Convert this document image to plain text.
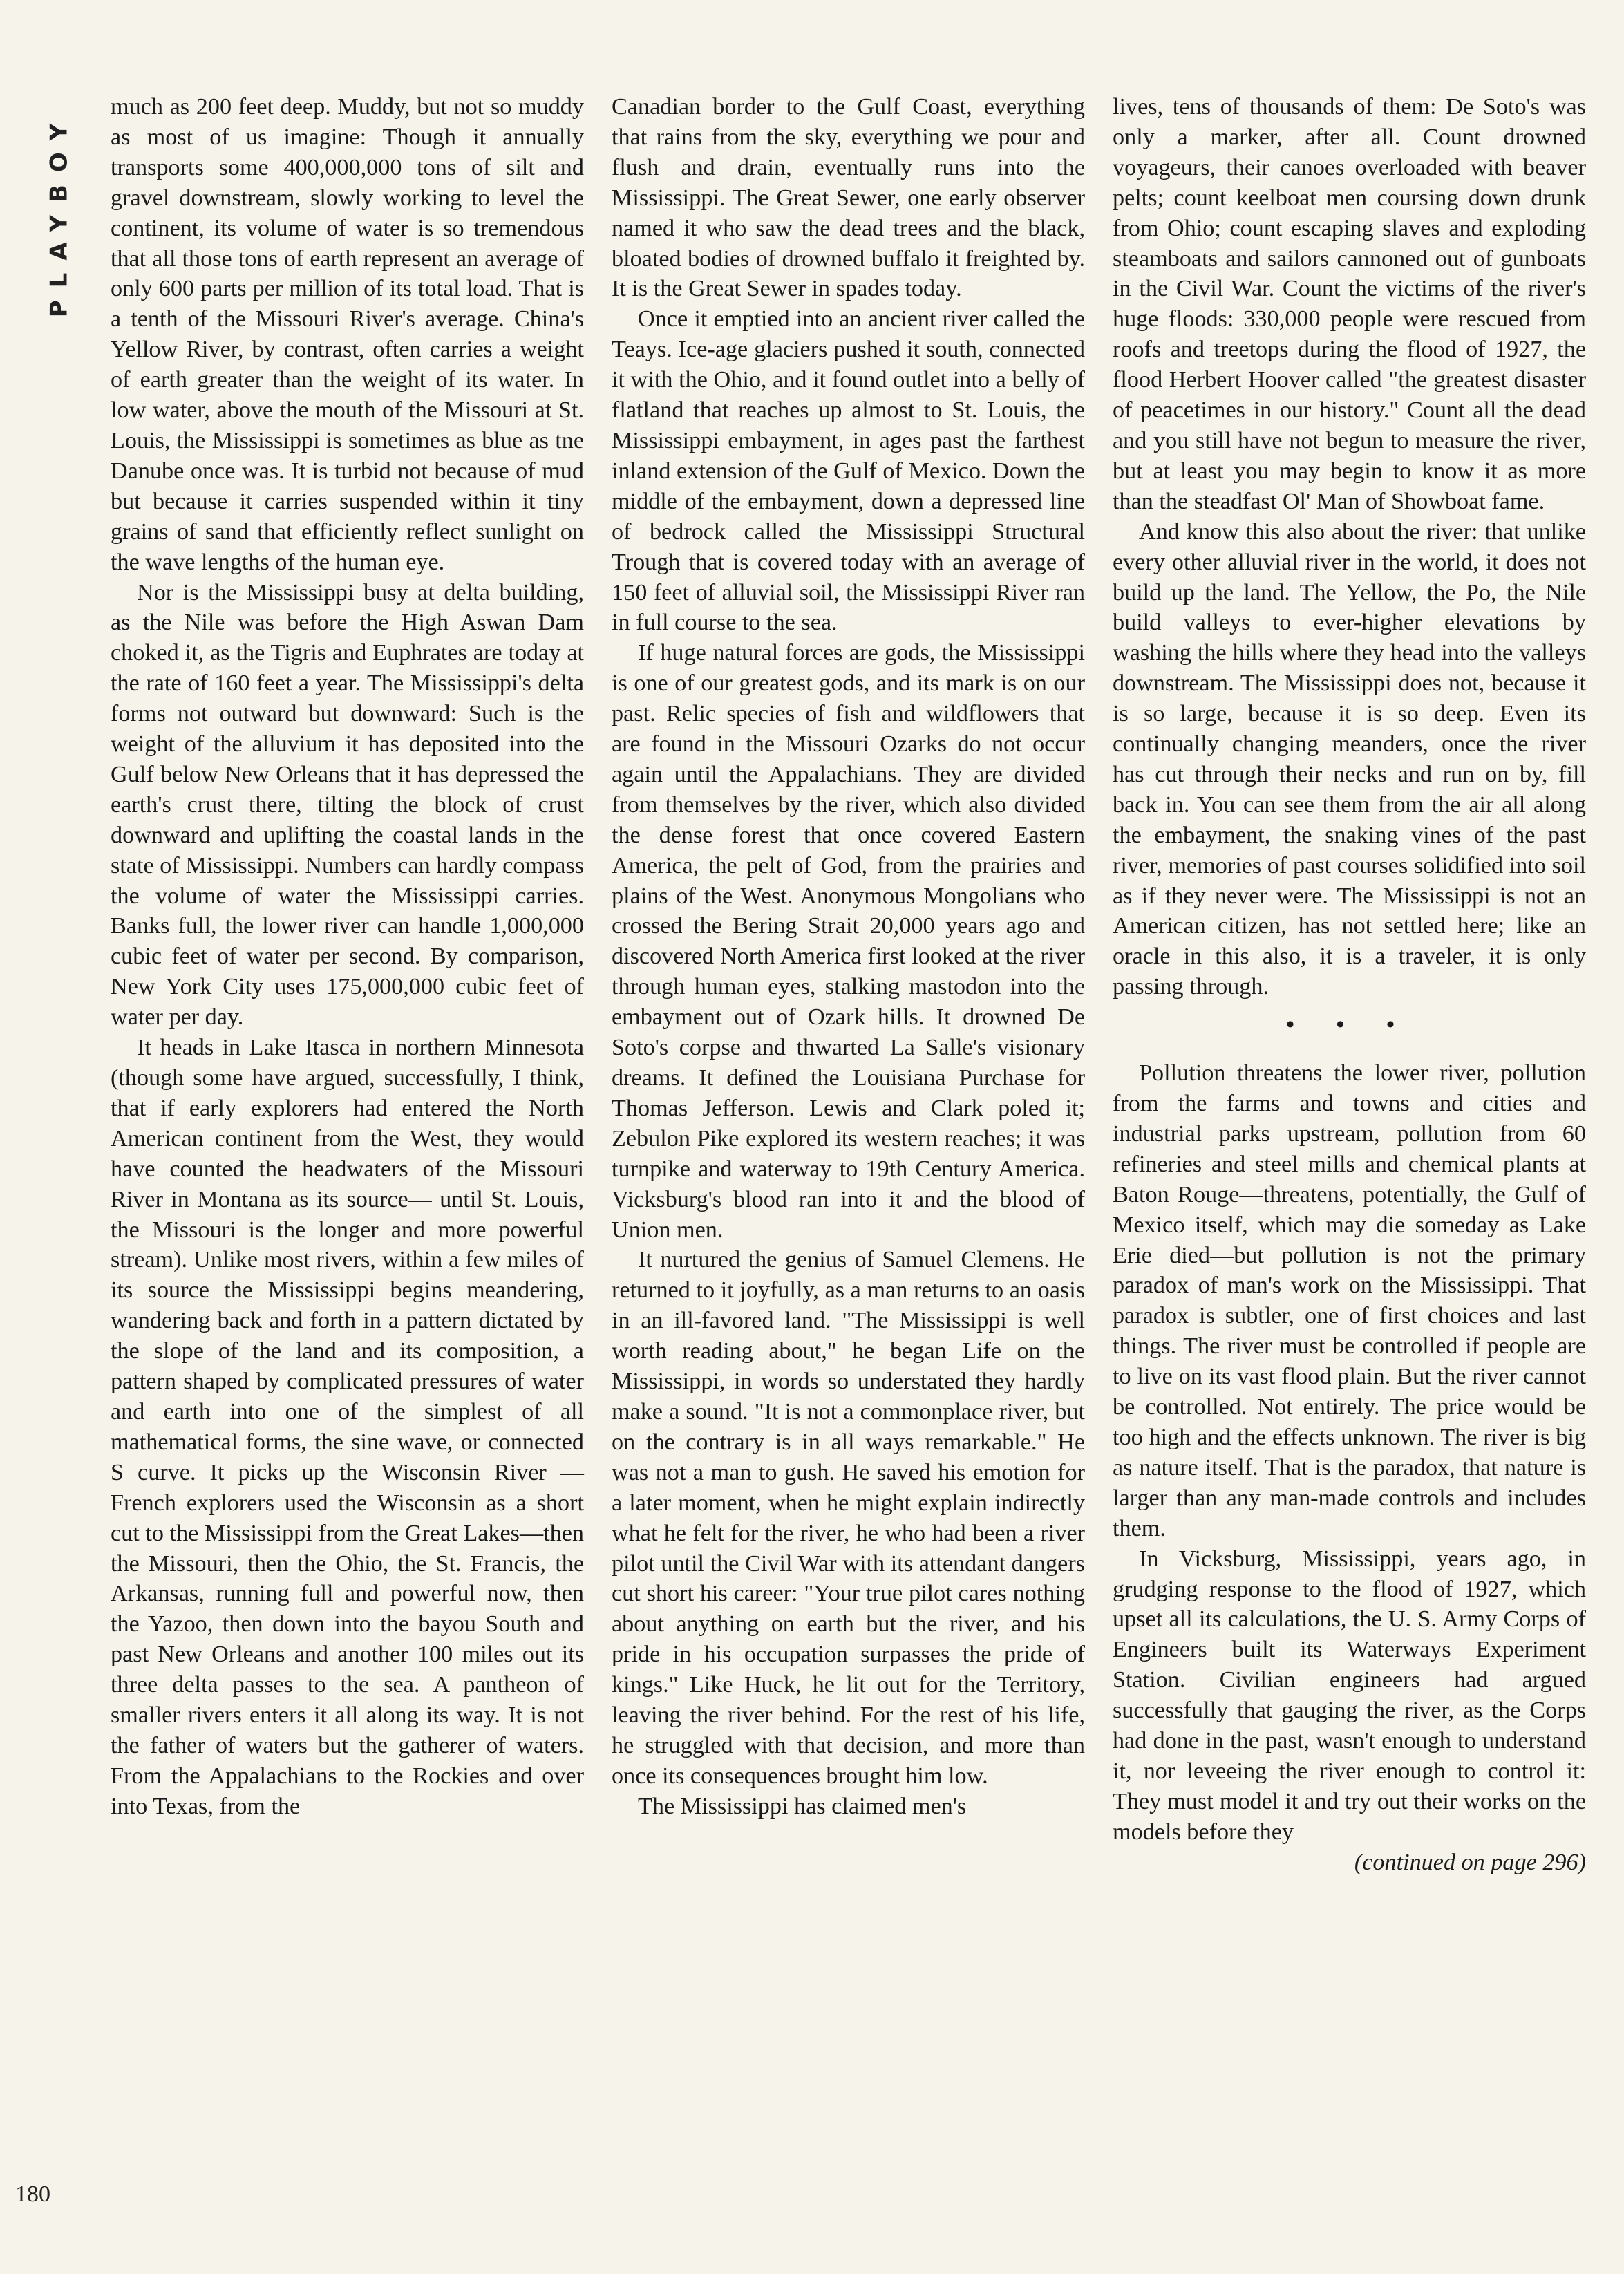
PLAYBOY

much as 200 feet deep. Muddy, but not so muddy as most of us imagine: Though it annually transports some 400,000,000 tons of silt and gravel downstream, slowly working to level the continent, its volume of water is so tremendous that all those tons of earth represent an average of only 600 parts per million of its total load. That is a tenth of the Missouri River's average. China's Yellow River, by contrast, often carries a weight of earth greater than the weight of its water. In low water, above the mouth of the Missouri at St. Louis, the Mississippi is sometimes as blue as tne Danube once was. It is turbid not because of mud but because it carries suspended within it tiny grains of sand that efficiently reflect sunlight on the wave lengths of the human eye.

Nor is the Mississippi busy at delta building, as the Nile was before the High Aswan Dam choked it, as the Tigris and Euphrates are today at the rate of 160 feet a year. The Mississippi's delta forms not outward but downward: Such is the weight of the alluvium it has deposited into the Gulf below New Orleans that it has depressed the earth's crust there, tilting the block of crust downward and uplifting the coastal lands in the state of Mississippi. Numbers can hardly compass the volume of water the Mississippi carries. Banks full, the lower river can handle 1,000,000 cubic feet of water per second. By comparison, New York City uses 175,000,000 cubic feet of water per day.

It heads in Lake Itasca in northern Minnesota (though some have argued, successfully, I think, that if early explorers had entered the North American continent from the West, they would have counted the headwaters of the Missouri River in Montana as its source— until St. Louis, the Missouri is the longer and more powerful stream). Unlike most rivers, within a few miles of its source the Mississippi begins meandering, wandering back and forth in a pattern dictated by the slope of the land and its composition, a pattern shaped by complicated pressures of water and earth into one of the simplest of all mathematical forms, the sine wave, or connected S curve. It picks up the Wisconsin River —French explorers used the Wisconsin as a short cut to the Mississippi from the Great Lakes—then the Missouri, then the Ohio, the St. Francis, the Arkansas, running full and powerful now, then the Yazoo, then down into the bayou South and past New Orleans and another 100 miles out its three delta passes to the sea. A pantheon of smaller rivers enters it all along its way. It is not the father of waters but the gatherer of waters. From the Appalachians to the Rockies and over into Texas, from the

Canadian border to the Gulf Coast, everything that rains from the sky, everything we pour and flush and drain, eventually runs into the Mississippi. The Great Sewer, one early observer named it who saw the dead trees and the black, bloated bodies of drowned buffalo it freighted by. It is the Great Sewer in spades today.

Once it emptied into an ancient river called the Teays. Ice-age glaciers pushed it south, connected it with the Ohio, and it found outlet into a belly of flatland that reaches up almost to St. Louis, the Mississippi embayment, in ages past the farthest inland extension of the Gulf of Mexico. Down the middle of the embayment, down a depressed line of bedrock called the Mississippi Structural Trough that is covered today with an average of 150 feet of alluvial soil, the Mississippi River ran in full course to the sea.

If huge natural forces are gods, the Mississippi is one of our greatest gods, and its mark is on our past. Relic species of fish and wildflowers that are found in the Missouri Ozarks do not occur again until the Appalachians. They are divided from themselves by the river, which also divided the dense forest that once covered Eastern America, the pelt of God, from the prairies and plains of the West. Anonymous Mongolians who crossed the Bering Strait 20,000 years ago and discovered North America first looked at the river through human eyes, stalking mastodon into the embayment out of Ozark hills. It drowned De Soto's corpse and thwarted La Salle's visionary dreams. It defined the Louisiana Purchase for Thomas Jefferson. Lewis and Clark poled it; Zebulon Pike explored its western reaches; it was turnpike and waterway to 19th Century America. Vicksburg's blood ran into it and the blood of Union men.

It nurtured the genius of Samuel Clemens. He returned to it joyfully, as a man returns to an oasis in an ill-favored land. "The Mississippi is well worth reading about," he began Life on the Mississippi, in words so understated they hardly make a sound. "It is not a commonplace river, but on the contrary is in all ways remarkable." He was not a man to gush. He saved his emotion for a later moment, when he might explain indirectly what he felt for the river, he who had been a river pilot until the Civil War with its attendant dangers cut short his career: "Your true pilot cares nothing about anything on earth but the river, and his pride in his occupation surpasses the pride of kings." Like Huck, he lit out for the Territory, leaving the river behind. For the rest of his life, he struggled with that decision, and more than once its consequences brought him low.

The Mississippi has claimed men's

lives, tens of thousands of them: De Soto's was only a marker, after all. Count drowned voyageurs, their canoes overloaded with beaver pelts; count keelboat men coursing down drunk from Ohio; count escaping slaves and exploding steamboats and sailors cannoned out of gunboats in the Civil War. Count the victims of the river's huge floods: 330,000 people were rescued from roofs and treetops during the flood of 1927, the flood Herbert Hoover called "the greatest disaster of peacetimes in our history." Count all the dead and you still have not begun to measure the river, but at least you may begin to know it as more than the steadfast Ol' Man of Showboat fame.

And know this also about the river: that unlike every other alluvial river in the world, it does not build up the land. The Yellow, the Po, the Nile build valleys to ever-higher elevations by washing the hills where they head into the valleys downstream. The Mississippi does not, because it is so large, because it is so deep. Even its continually changing meanders, once the river has cut through their necks and run on by, fill back in. You can see them from the air all along the embayment, the snaking vines of the past river, memories of past courses solidified into soil as if they never were. The Mississippi is not an American citizen, has not settled here; like an oracle in this also, it is a traveler, it is only passing through.

• • •

Pollution threatens the lower river, pollution from the farms and towns and cities and industrial parks upstream, pollution from 60 refineries and steel mills and chemical plants at Baton Rouge—threatens, potentially, the Gulf of Mexico itself, which may die someday as Lake Erie died—but pollution is not the primary paradox of man's work on the Mississippi. That paradox is subtler, one of first choices and last things. The river must be controlled if people are to live on its vast flood plain. But the river cannot be controlled. Not entirely. The price would be too high and the effects unknown. The river is big as nature itself. That is the paradox, that nature is larger than any man-made controls and includes them.

In Vicksburg, Mississippi, years ago, in grudging response to the flood of 1927, which upset all its calculations, the U. S. Army Corps of Engineers built its Waterways Experiment Station. Civilian engineers had argued successfully that gauging the river, as the Corps had done in the past, wasn't enough to understand it, nor leveeing the river enough to control it: They must model it and try out their works on the models before they

(continued on page 296)

180
